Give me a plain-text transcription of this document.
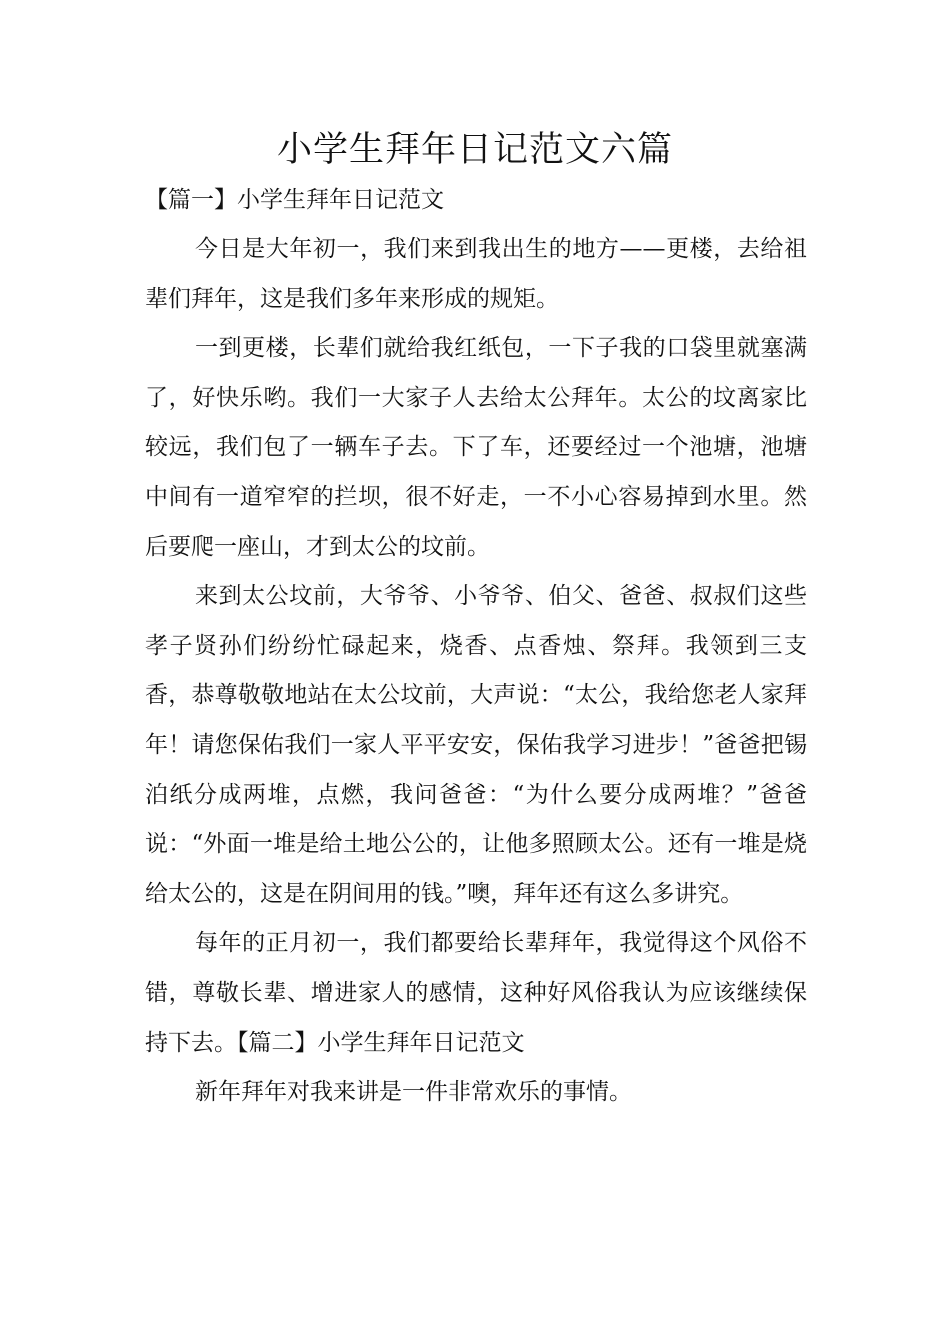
小学生拜年日记范文六篇
【篇一】小学生拜年日记范文

今日是大年初一，我们来到我出生的地方——更楼，去给祖辈们拜年，这是我们多年来形成的规矩。

一到更楼，长辈们就给我红纸包，一下子我的口袋里就塞满了，好快乐哟。我们一大家子人去给太公拜年。太公的坟离家比较远，我们包了一辆车子去。下了车，还要经过一个池塘，池塘中间有一道窄窄的拦坝，很不好走，一不小心容易掉到水里。然后要爬一座山，才到太公的坟前。

来到太公坟前，大爷爷、小爷爷、伯父、爸爸、叔叔们这些孝子贤孙们纷纷忙碌起来，烧香、点香烛、祭拜。我领到三支香，恭尊敬敬地站在太公坟前，大声说：“太公，我给您老人家拜年！请您保佑我们一家人平平安安，保佑我学习进步！”爸爸把锡泊纸分成两堆，点燃，我问爸爸：“为什么要分成两堆？”爸爸说：“外面一堆是给土地公公的，让他多照顾太公。还有一堆是烧给太公的，这是在阴间用的钱。”噢，拜年还有这么多讲究。

每年的正月初一，我们都要给长辈拜年，我觉得这个风俗不错，尊敬长辈、增进家人的感情，这种好风俗我认为应该继续保持下去。【篇二】小学生拜年日记范文

新年拜年对我来讲是一件非常欢乐的事情。
